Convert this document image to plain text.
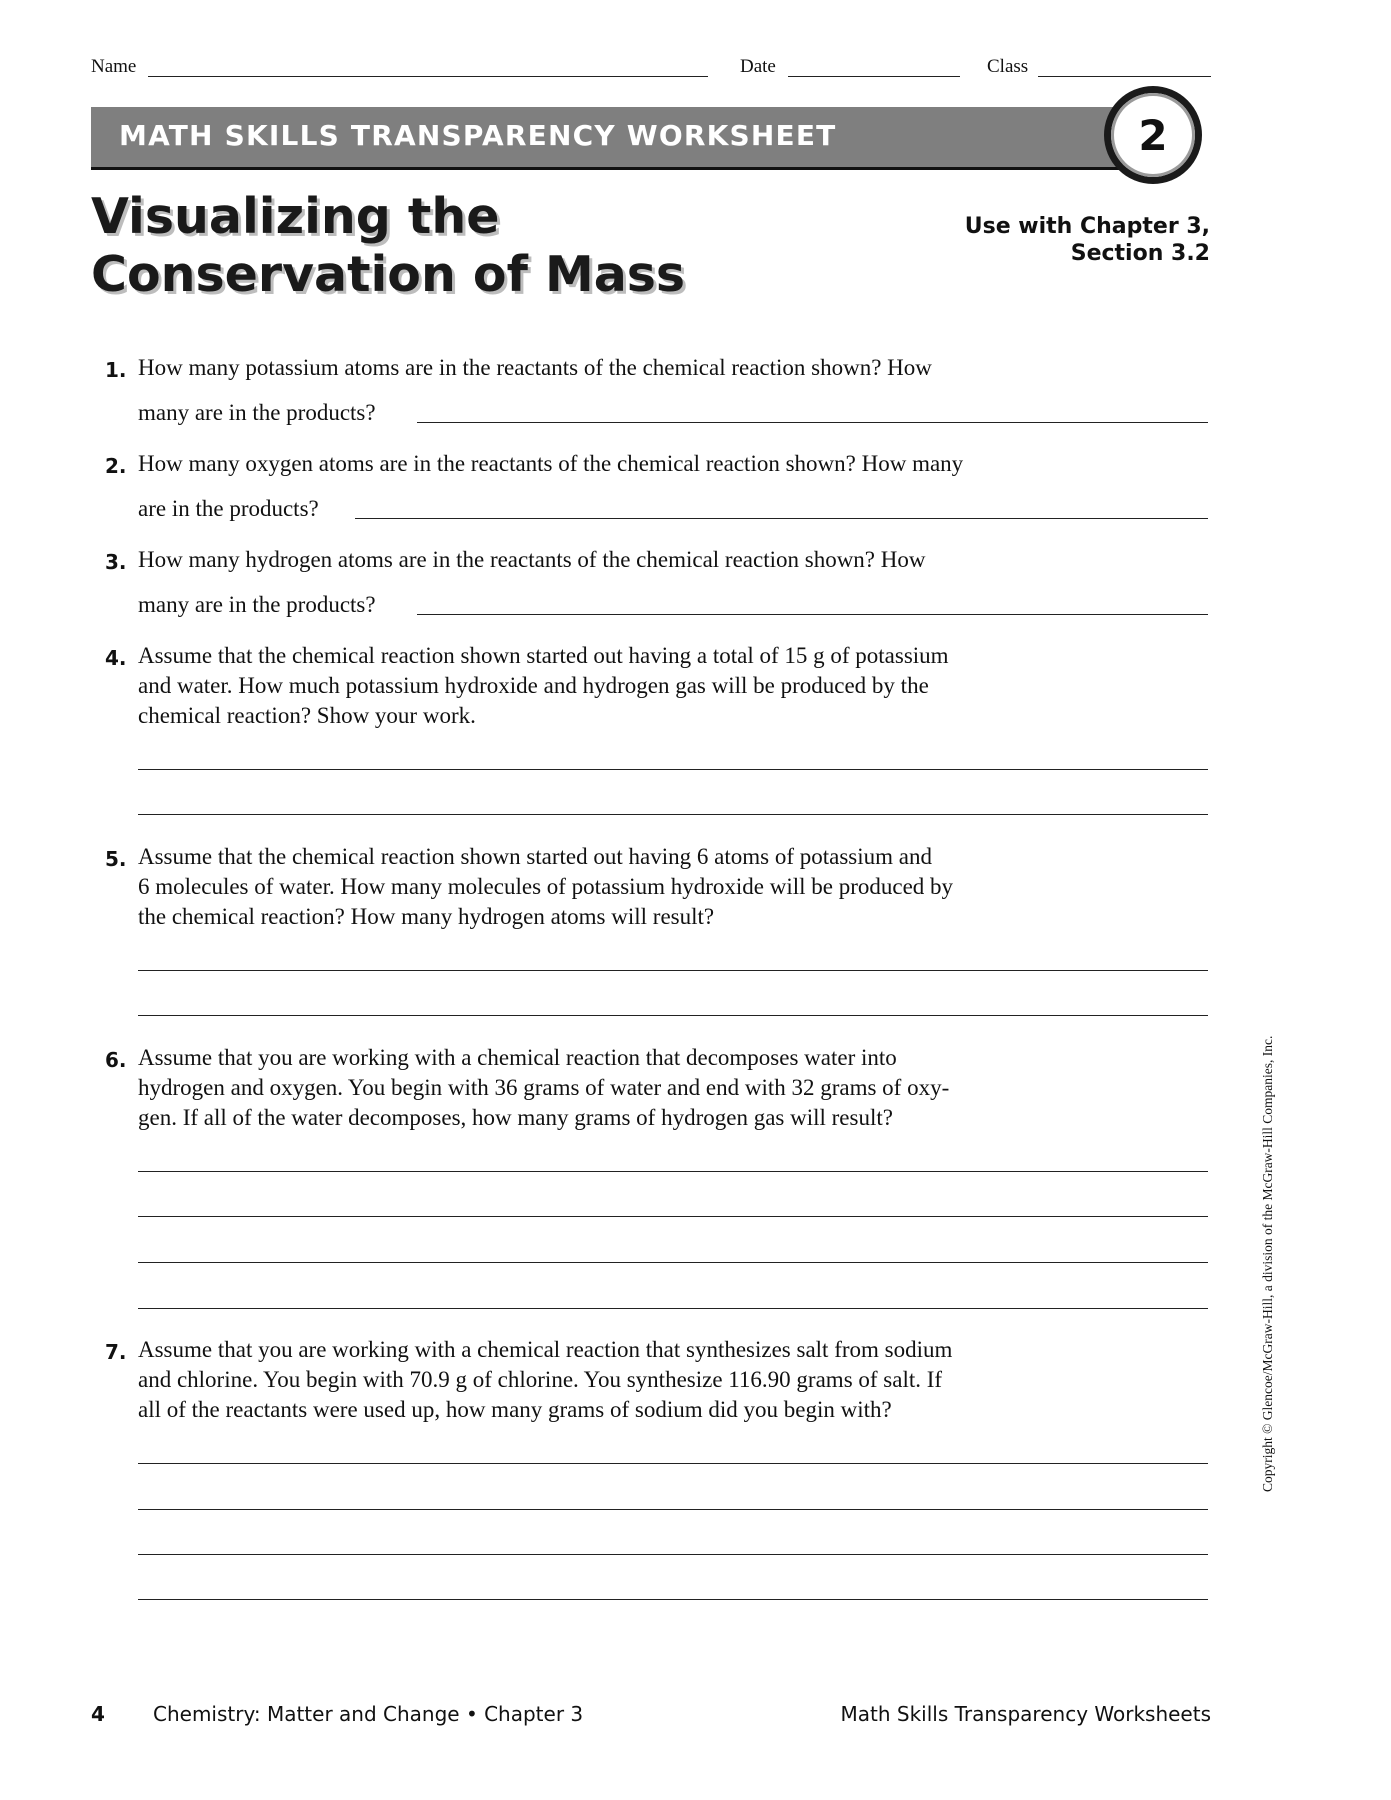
Name	Date	Class
MATH SKILLS TRANSPARENCY WORKSHEET	2
Visualizing the
Conservation of Mass
Use with Chapter 3,
Section 3.2
1. How many potassium atoms are in the reactants of the chemical reaction shown? How
many are in the products?
2. How many oxygen atoms are in the reactants of the chemical reaction shown? How many
are in the products?
3. How many hydrogen atoms are in the reactants of the chemical reaction shown? How
many are in the products?
4. Assume that the chemical reaction shown started out having a total of 15 g of potassium
and water. How much potassium hydroxide and hydrogen gas will be produced by the
chemical reaction? Show your work.
5. Assume that the chemical reaction shown started out having 6 atoms of potassium and
6 molecules of water. How many molecules of potassium hydroxide will be produced by
the chemical reaction? How many hydrogen atoms will result?
6. Assume that you are working with a chemical reaction that decomposes water into
hydrogen and oxygen. You begin with 36 grams of water and end with 32 grams of oxy-
gen. If all of the water decomposes, how many grams of hydrogen gas will result?
7. Assume that you are working with a chemical reaction that synthesizes salt from sodium
and chlorine. You begin with 70.9 g of chlorine. You synthesize 116.90 grams of salt. If
all of the reactants were used up, how many grams of sodium did you begin with?	Copyright © Glencoe/McGraw-Hill, a division of the McGraw-Hill Companies, Inc.
4 Chemistry: Matter and Change • Chapter 3	Math Skills Transparency Worksheets
